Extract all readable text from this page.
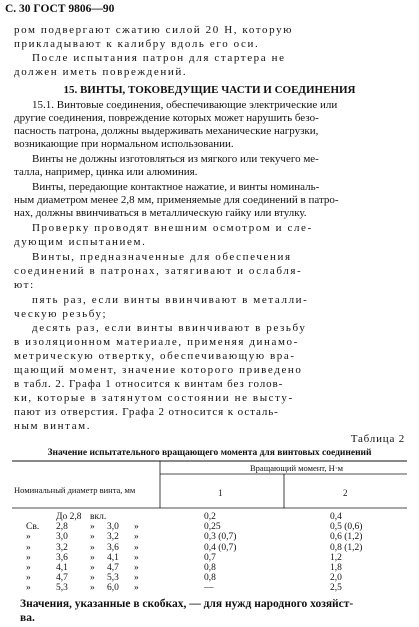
С. 30 ГОСТ 9806—90
ром подвергают сжатию силой 20 Н, которую
прикладывают к калибру вдоль его оси.
После испытания патрон для стартера не
должен иметь повреждений.
15. ВИНТЫ, ТОКОВЕДУЩИЕ ЧАСТИ И СОЕДИНЕНИЯ
15.1. Винтовые соединения, обеспечивающие электрические или
другие соединения, повреждение которых может нарушить безо-
пасность патрона, должны выдерживать механические нагрузки,
возникающие при нормальном использовании.
Винты не должны изготовляться из мягкого или текучего ме-
талла, например, цинка или алюминия.
Винты, передающие контактное нажатие, и винты номиналь-
ным диаметром менее 2,8 мм, применяемые для соединений в патро-
нах, должны ввинчиваться в металлическую гайку или втулку.
Проверку проводят внешним осмотром и сле-
дующим испытанием.
Винты, предназначенные для обеспечения
соединений в патронах, затягивают и ослабля-
ют:
пять раз, если винты ввинчивают в металли-
ческую резьбу;
десять раз, если винты ввинчивают в резьбу
в изоляционном материале, применяя динамо-
метрическую отвертку, обеспечивающую вра-
щающий момент, значение которого приведено
в табл. 2. Графа 1 относится к винтам без голов-
ки, которые в затянутом состоянии не высту-
пают из отверстия. Графа 2 относится к осталь-
ным винтам.
Таблица 2
Значение испытательного вращающего момента для винтовых соединений
Номинальный диаметр винта, мм
Вращающий момент, Н·м
1	2
До 2,8 вкл.	0,2	0,4
Св. 2,8 » 3,0 »	0,25	0,5 (0,6)
»	3,0 » 3,2 »	0,3 (0,7)	0,6 (1,2)
»	3,2 » 3,6 »	0,4 (0,7)	0,8 (1,2)
»	3,6 » 4,1 »	0,7	1,2
»	4,1 » 4,7 »	0,8	1,8
»	4,7 » 5,3 »	0,8	2,0
»	5,3 » 6,0 »	—	2,5
Значения, указанные в скобках, — для нужд народного хозяйст-
ва.
